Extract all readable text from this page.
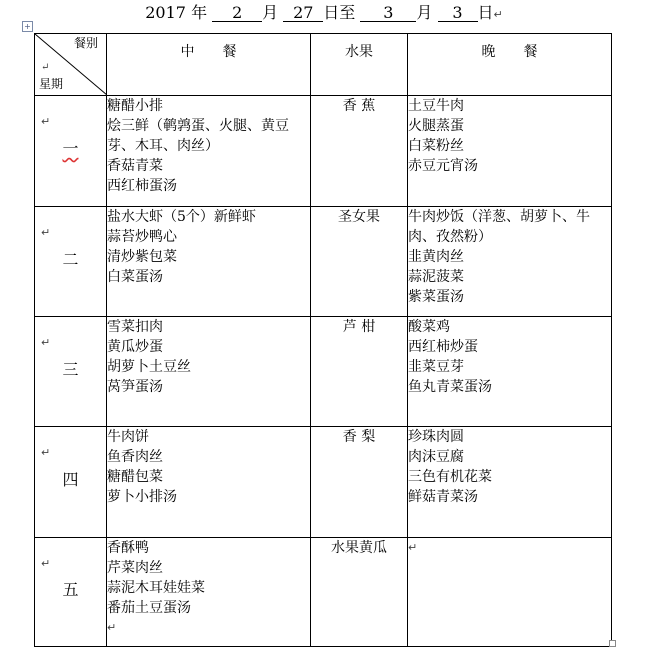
2017 年 2 月 27 日至 3 月 3 日↵
+
餐别
↵
星期	中　　餐	水果	晚　　餐

↵
一	糖醋小排
烩三鲜（鹌鹑蛋、火腿、黄豆芽、木耳、肉丝）
香菇青菜
西红柿蛋汤	香 蕉	土豆牛肉
火腿蒸蛋
白菜粉丝
赤豆元宵汤

↵
二	盐水大虾（5个）新鲜虾
蒜苔炒鸭心
清炒紫包菜
白菜蛋汤	圣女果	牛肉炒饭（洋葱、胡萝卜、牛肉、孜然粉）
韭黄肉丝
蒜泥菠菜
紫菜蛋汤

↵
三	雪菜扣肉
黄瓜炒蛋
胡萝卜土豆丝
莴笋蛋汤	芦 柑	酸菜鸡
西红柿炒蛋
韭菜豆芽
鱼丸青菜蛋汤

↵
四	牛肉饼
鱼香肉丝
糖醋包菜
萝卜小排汤	香 梨	珍珠肉圆
肉沫豆腐
三色有机花菜
鲜菇青菜汤

↵
五	香酥鸭
芹菜肉丝
蒜泥木耳娃娃菜
番茄土豆蛋汤
↵	水果黄瓜	↵
